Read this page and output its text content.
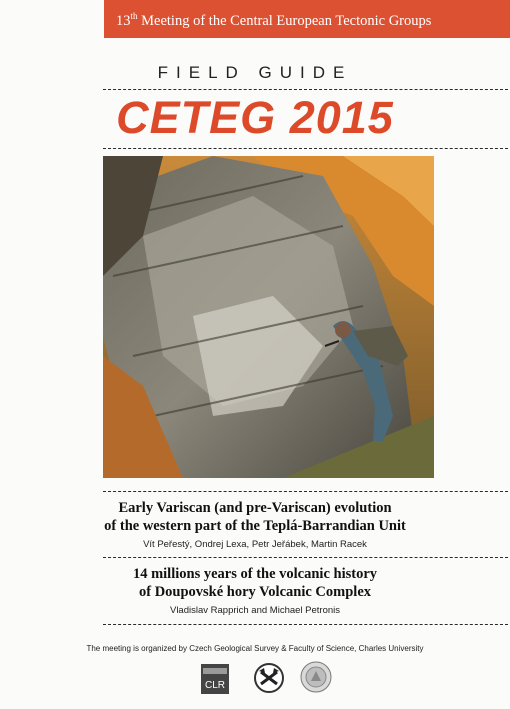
13th Meeting of the Central European Tectonic Groups
FIELD GUIDE
CETEG 2015
Early Variscan (and pre-Variscan) evolution
of the western part of the Teplá-Barrandian Unit
Vít Peřestý, Ondrej Lexa, Petr Jeřábek, Martin Racek
14 millions years of the volcanic history
of Doupovské hory Volcanic Complex
Vladislav Rapprich and Michael Petronis
The meeting is organized by Czech Geological Survey & Faculty of Science, Charles University
CLR
